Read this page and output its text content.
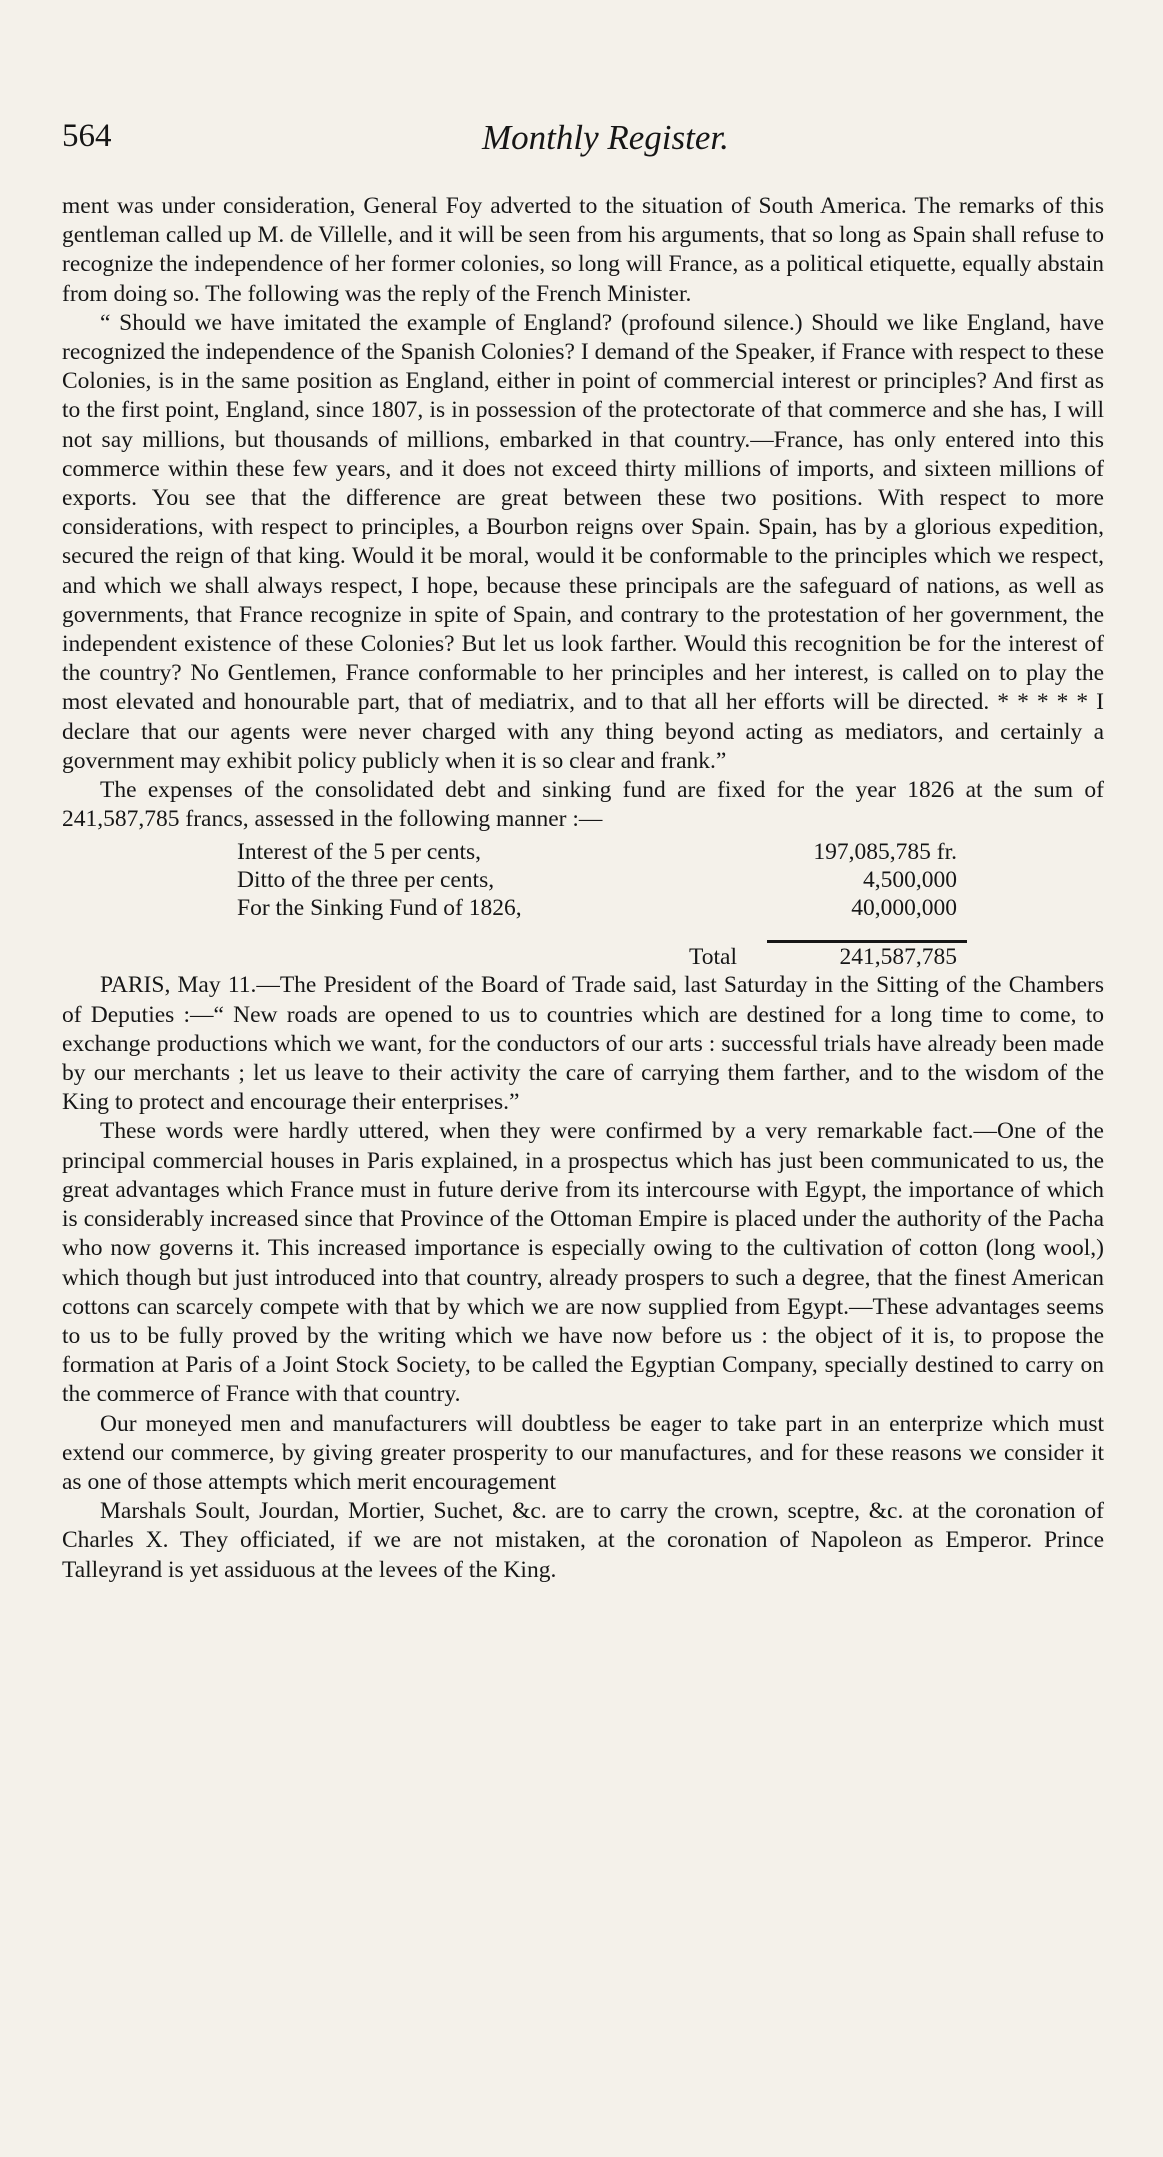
564	Monthly Register.

ment was under consideration, General Foy adverted to the situation of South America. The remarks of this gentleman called up M. de Villelle, and it will be seen from his arguments, that so long as Spain shall refuse to recognize the independence of her former colonies, so long will France, as a political etiquette, equally abstain from doing so. The following was the reply of the French Minister.

“ Should we have imitated the example of England? (profound silence.) Should we like England, have recognized the independence of the Spanish Colonies? I demand of the Speaker, if France with respect to these Colonies, is in the same position as England, either in point of commercial interest or principles? And first as to the first point, England, since 1807, is in possession of the protectorate of that commerce and she has, I will not say millions, but thousands of millions, embarked in that country.—France, has only entered into this commerce within these few years, and it does not exceed thirty millions of imports, and sixteen millions of exports. You see that the difference are great between these two positions. With respect to more considerations, with respect to principles, a Bourbon reigns over Spain. Spain, has by a glorious expedition, secured the reign of that king. Would it be moral, would it be conformable to the principles which we respect, and which we shall always respect, I hope, because these principals are the safeguard of nations, as well as governments, that France recognize in spite of Spain, and contrary to the protestation of her government, the independent existence of these Colonies? But let us look farther. Would this recognition be for the interest of the country? No Gentlemen, France conformable to her principles and her interest, is called on to play the most elevated and honourable part, that of mediatrix, and to that all her efforts will be directed. * * * * * I declare that our agents were never charged with any thing beyond acting as mediators, and certainly a government may exhibit policy publicly when it is so clear and frank.”

The expenses of the consolidated debt and sinking fund are fixed for the year 1826 at the sum of 241,587,785 francs, assessed in the following manner :—

Interest of the 5 per cents,	197,085,785 fr.
Ditto of the three per cents,	4,500,000
For the Sinking Fund of 1826,	40,000,000

Total	241,587,785

PARIS, May 11.—The President of the Board of Trade said, last Saturday in the Sitting of the Chambers of Deputies :—“ New roads are opened to us to countries which are destined for a long time to come, to exchange productions which we want, for the conductors of our arts : successful trials have already been made by our merchants ; let us leave to their activity the care of carrying them farther, and to the wisdom of the King to protect and encourage their enterprises.”

These words were hardly uttered, when they were confirmed by a very remarkable fact.—One of the principal commercial houses in Paris explained, in a prospectus which has just been communicated to us, the great advantages which France must in future derive from its intercourse with Egypt, the importance of which is considerably increased since that Province of the Ottoman Empire is placed under the authority of the Pacha who now governs it. This increased importance is especially owing to the cultivation of cotton (long wool,) which though but just introduced into that country, already prospers to such a degree, that the finest American cottons can scarcely compete with that by which we are now supplied from Egypt.—These advantages seems to us to be fully proved by the writing which we have now before us : the object of it is, to propose the formation at Paris of a Joint Stock Society, to be called the Egyptian Company, specially destined to carry on the commerce of France with that country.

Our moneyed men and manufacturers will doubtless be eager to take part in an enterprize which must extend our commerce, by giving greater prosperity to our manufactures, and for these reasons we consider it as one of those attempts which merit encouragement

Marshals Soult, Jourdan, Mortier, Suchet, &c. are to carry the crown, sceptre, &c. at the coronation of Charles X. They officiated, if we are not mistaken, at the coronation of Napoleon as Emperor. Prince Talleyrand is yet assiduous at the levees of the King.
